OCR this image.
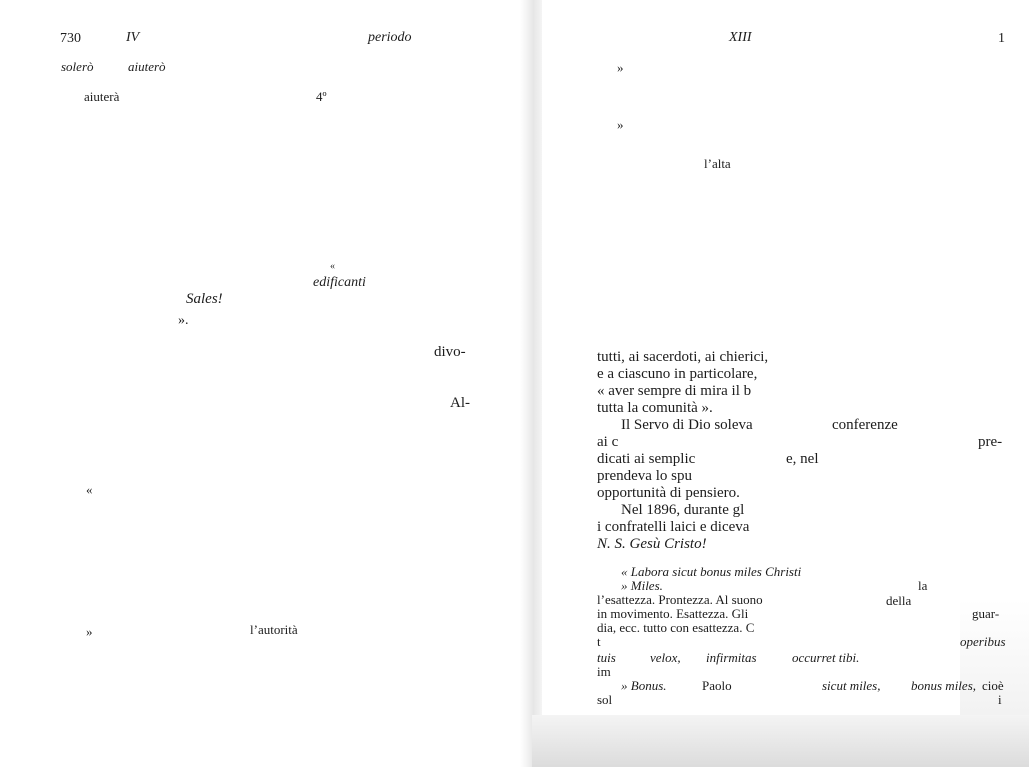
730	IV	periodo
solerò	aiuterò
aiuterà	4º
«
edificanti
Sales!
».
divo-
Al-
«
»	l’autorità
XIII	1
»
»
l’alta
tutti, ai sacerdoti, ai chierici,
e a ciascuno in particolare,
« aver sempre di mira il b
tutta la comunità ».
Il Servo di Dio soleva
ai c
dicati ai semplic
prendeva lo spu
opportunità di pensiero.
Nel 1896, durante gl
i confratelli laici e diceva
N. S. Gesù Cristo!
conferenze
pre-
e, nel
« Labora sicut bonus miles Christi
» Miles.	la
l’esattezza. Prontezza. Al suono	della
in movimento. Esattezza. Gli	guar-
dia, ecc. tutto con esattezza. C
t	operibus
tuis	velox, infirmitas	occurret tibi.
im
» Bonus.	Paolo	sicut miles, bonus miles, cioè
sol	i
